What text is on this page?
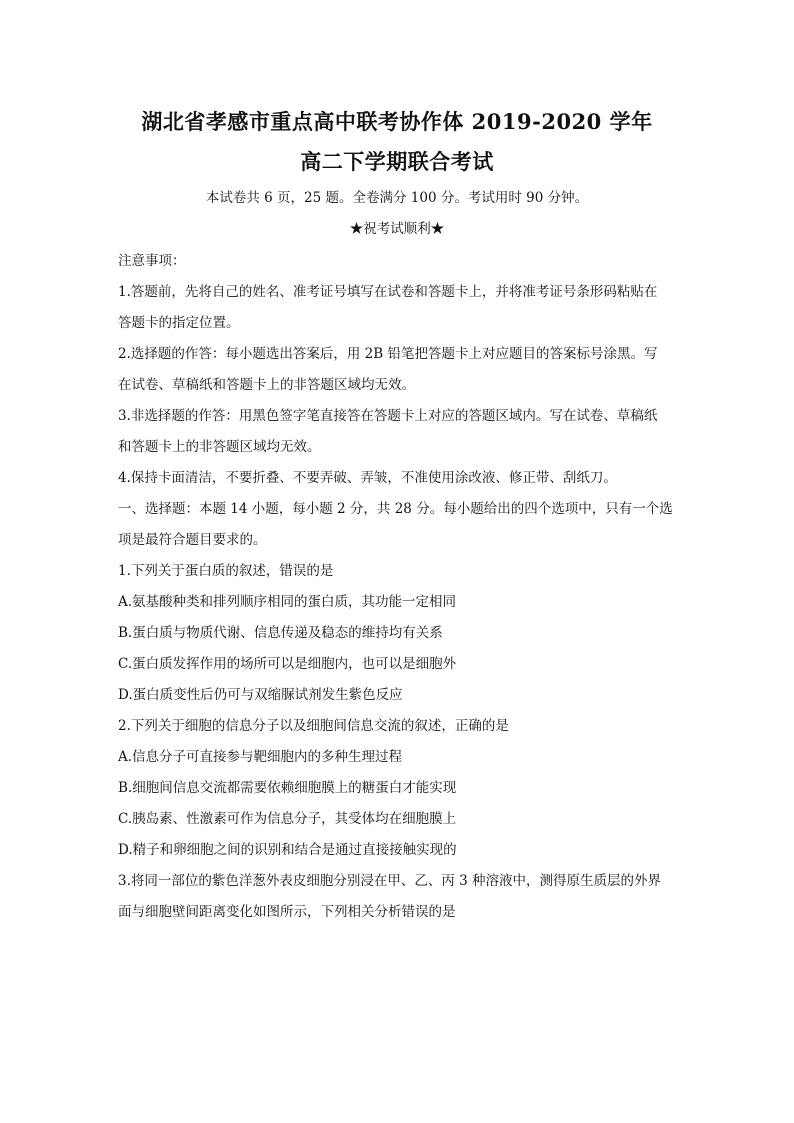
湖北省孝感市重点高中联考协作体 2019-2020 学年
高二下学期联合考试
本试卷共 6 页，25 题。全卷满分 100 分。考试用时 90 分钟。
★祝考试顺利★
注意事项：
1.答题前，先将自己的姓名、准考证号填写在试卷和答题卡上，并将准考证号条形码粘贴在
答题卡的指定位置。
2.选择题的作答：每小题选出答案后，用 2B 铅笔把答题卡上对应题目的答案标号涂黑。写
在试卷、草稿纸和答题卡上的非答题区域均无效。
3.非选择题的作答：用黑色签字笔直接答在答题卡上对应的答题区域内。写在试卷、草稿纸
和答题卡上的非答题区域均无效。
4.保持卡面清洁，不要折叠、不要弄破、弄皱，不准使用涂改液、修正带、刮纸刀。
一、选择题：本题 14 小题，每小题 2 分，共 28 分。每小题给出的四个选项中，只有一个选
项是最符合题目要求的。
1.下列关于蛋白质的叙述，错误的是
A.氨基酸种类和排列顺序相同的蛋白质，其功能一定相同
B.蛋白质与物质代谢、信息传递及稳态的维持均有关系
C.蛋白质发挥作用的场所可以是细胞内，也可以是细胞外
D.蛋白质变性后仍可与双缩脲试剂发生紫色反应
2.下列关于细胞的信息分子以及细胞间信息交流的叙述，正确的是
A.信息分子可直接参与靶细胞内的多种生理过程
B.细胞间信息交流都需要依赖细胞膜上的糖蛋白才能实现
C.胰岛素、性激素可作为信息分子，其受体均在细胞膜上
D.精子和卵细胞之间的识别和结合是通过直接接触实现的
3.将同一部位的紫色洋葱外表皮细胞分别浸在甲、乙、丙 3 种溶液中，测得原生质层的外界
面与细胞壁间距离变化如图所示，下列相关分析错误的是
